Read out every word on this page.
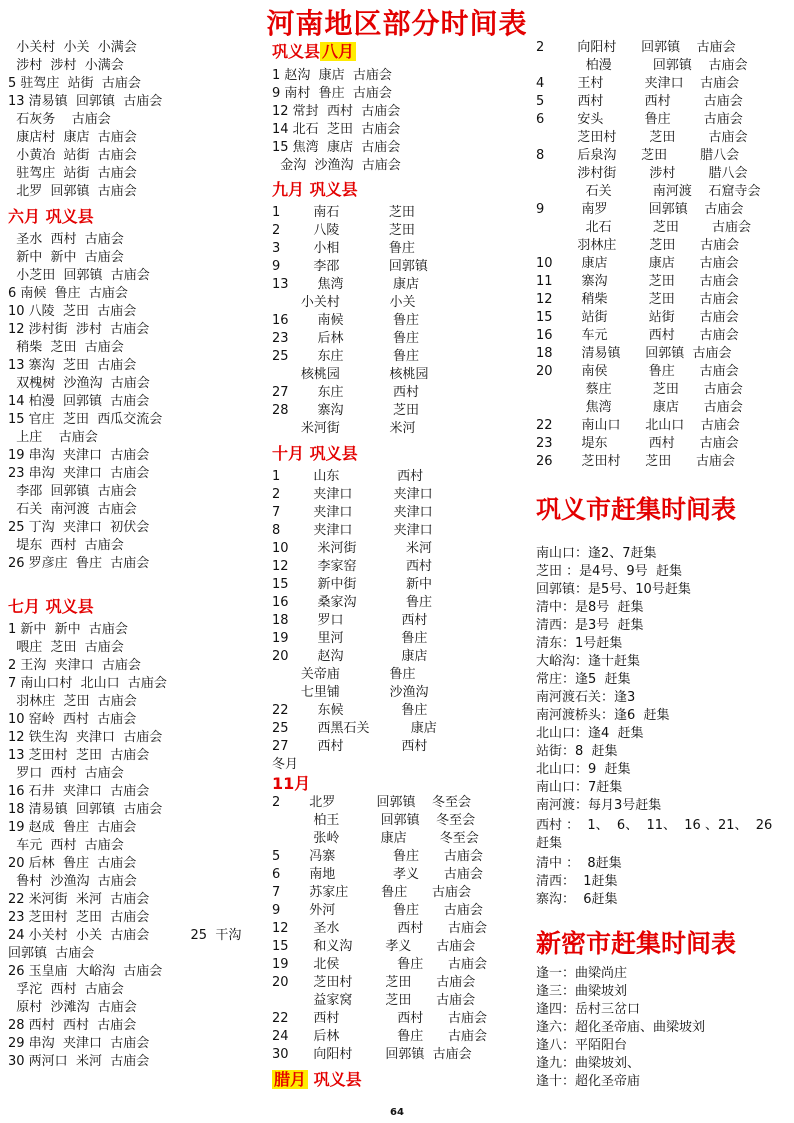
河南地区部分时间表
小关村  小关  小满会
涉村  涉村  小满会
5 驻驾庄  站街  古庙会
13 清易镇  回郭镇  古庙会
石灰务    古庙会
康店村  康店  古庙会
小黄冶  站街  古庙会
驻驾庄  站街  古庙会
北罗  回郭镇  古庙会
六月 巩义县
圣水  西村  古庙会
新中  新中  古庙会
小芝田  回郭镇  古庙会
6 南候  鲁庄  古庙会
10 八陵  芝田  古庙会
12 涉村街  涉村  古庙会
稍柴  芝田  古庙会
13 寨沟  芝田  古庙会
双槐树  沙渔沟  古庙会
14 柏漫  回郭镇  古庙会
15 官庄  芝田  西瓜交流会
上庄    古庙会
19 串沟  夹津口  古庙会
23 串沟  夹津口  古庙会
李邵  回郭镇  古庙会
石关  南河渡  古庙会
25 丁沟  夹津口  初伏会
堤东  西村  古庙会
26 罗彦庄  鲁庄  古庙会
七月 巩义县
1 新中  新中  古庙会
喂庄  芝田  古庙会
2 王沟  夹津口  古庙会
7 南山口村  北山口  古庙会
羽林庄  芝田  古庙会
10 窑岭  西村  古庙会
12 铁生沟  夹津口  古庙会
13 芝田村  芝田  古庙会
罗口  西村  古庙会
16 石井  夹津口  古庙会
18 清易镇  回郭镇  古庙会
19 赵成  鲁庄  古庙会
车元  西村  古庙会
20 后林  鲁庄  古庙会
鲁村  沙渔沟  古庙会
22 米河街  米河  古庙会
23 芝田村  芝田  古庙会
24 小关村  小关  古庙会          25  干沟
回郭镇  古庙会
26 玉皇庙  大峪沟  古庙会
孚沱  西村  古庙会
原村  沙滩沟  古庙会
28 西村  西村  古庙会
29 串沟  夹津口  古庙会
30 两河口  米河  古庙会
巩义县 八月
1 赵沟  康店  古庙会
9 南村  鲁庄  古庙会
12 常封  西村  古庙会
14 北石  芝田  古庙会
15 焦湾  康店  古庙会
金沟  沙渔沟  古庙会
九月 巩义县
1        南石            芝田
2        八陵            芝田
3        小相            鲁庄
9        李邵            回郭镇
13       焦湾            康店
小关村            小关
16       南候            鲁庄
23       后林            鲁庄
25       东庄            鲁庄
核桃园            核桃园
27       东庄            西村
28       寨沟            芝田
米河街            米河
十月 巩义县
1        山东              西村
2        夹津口          夹津口
7        夹津口          夹津口
8        夹津口          夹津口
10       米河街            米河
12       李家窑            西村
15       新中街            新中
16       桑家沟            鲁庄
18       罗口              西村
19       里河              鲁庄
20       赵沟              康店
关帝庙            鲁庄
七里铺            沙渔沟
22       东候              鲁庄
25       西黑石关          康店
27       西村              西村
冬月
11月
2       北罗          回郭镇    冬至会
柏王          回郭镇    冬至会
张岭          康店        冬至会
5       冯寨              鲁庄      古庙会
6       南地              孝义      古庙会
7       苏家庄        鲁庄      古庙会
9       外河              鲁庄      古庙会
12      圣水              西村      古庙会
15      和义沟        孝义      古庙会
19      北侯              鲁庄      古庙会
20      芝田村        芝田      古庙会
益家窝        芝田      古庙会
22      西村              西村      古庙会
24      后林              鲁庄      古庙会
30      向阳村        回郭镇  古庙会
腊月 巩义县
2        向阳村      回郭镇    古庙会
柏漫          回郭镇    古庙会
4        王村          夹津口    古庙会
5        西村          西村        古庙会
6        安头          鲁庄        古庙会
芝田村        芝田        古庙会
8        后泉沟      芝田        腊八会
涉村街        涉村        腊八会
石关          南河渡    石窟寺会
9         南罗          回郭镇    古庙会
北石          芝田        古庙会
羽林庄        芝田      古庙会
10       康店          康店      古庙会
11       寨沟          芝田      古庙会
12       稍柴          芝田      古庙会
15       站街          站街      古庙会
16       车元          西村      古庙会
18       清易镇      回郭镇  古庙会
20       南侯          鲁庄      古庙会
蔡庄          芝田      古庙会
焦湾          康店      古庙会
22       南山口      北山口    古庙会
23       堤东          西村      古庙会
26       芝田村      芝田      古庙会
巩义市赶集时间表
南山口：逢2、7赶集
芝田 ：是4号、9号  赶集
回郭镇：是5号、10号赶集
清中：是8号  赶集
清西：是3号  赶集
清东：1号赶集
大峪沟：逢十赶集
常庄：逢5  赶集
南河渡石关：逢3
南河渡桥头：逢6  赶集
北山口：逢4  赶集
站街：8  赶集
北山口：9  赶集
南山口：7赶集
南河渡：每月3号赶集
西村 ：  1、  6、  11、  16 、21、  26
赶集
清中 ：  8赶集
清西：  1赶集
寨沟：  6赶集
新密市赶集时间表
逢一：曲梁尚庄
逢三：曲梁坡刘
逢四：岳村三岔口
逢六：超化圣帝庙、曲梁坡刘
逢八：平陌阳台
逢九：曲梁坡刘、
逢十：超化圣帝庙
64
